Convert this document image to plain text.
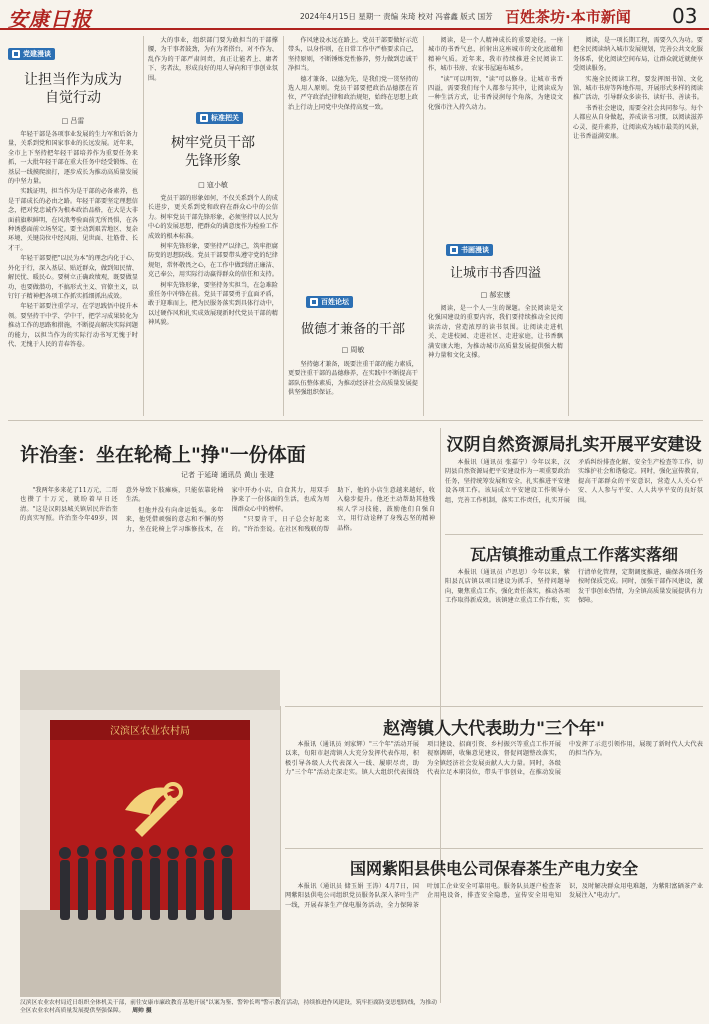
安康日报	2024年4月15日 星期一 责编 朱琦 校对 冯睿鑫 版式 国芳 百姓茶坊·本市新闻 03
党建漫谈
让担当作为成为
自觉行动
□ 吕雷

年轻干部是各项事业发展的生力军和后备力量，关系到党和国家事业的长远发展。近年来，全市上下坚持把年轻干部培养作为重要任务来抓，一大批年轻干部在重大任务中经受锻炼、在基层一线摸爬滚打，逐步成长为推动高质量发展的中坚力量。

实践证明，担当作为是干部的必备素养，也是干部成长的必由之路。年轻干部要坚定理想信念，把对党忠诚作为根本政治品格，在大是大非面前旗帜鲜明，在风浪考验面前无所畏惧，在各种诱惑面前立场坚定。要主动到艰苦地区、复杂环境、关键岗位中经风雨、见世面、壮筋骨、长才干。

年轻干部要把"以民为本"的理念内化于心、外化于行，深入基层、贴近群众，做到知民情、解民忧、暖民心。要树立正确政绩观，既要做显功，也要做潜功，不搞形式主义、官僚主义，以钉钉子精神把各项工作抓实抓细抓出成效。

年轻干部要注重学习，在学思践悟中提升本领。要坚持干中学、学中干，把学习成果转化为推动工作的思路和措施，不断提高解决实际问题的能力，以担当作为的实际行动书写无愧于时代、无愧于人民的青春答卷。

大的事业，组织部门要为敢担当的干部撑腰，为干事者鼓劲，为有为者搭台，对不作为、乱作为的干部严肃问责，真正让能者上、庸者下、劣者汰，形成良好的用人导向和干事创业氛围。

标准把关
树牢党员干部
先锋形象
□ 寇小敏

党员干部的形象如何，不仅关系到个人的成长进步，更关系到党和政府在群众心中的公信力。树牢党员干部先锋形象，必须坚持以人民为中心的发展思想，把群众的满意度作为检验工作成效的根本标准。

树牢先锋形象，要坚持严以律己，筑牢拒腐防变的思想防线。党员干部要带头遵守党的纪律规矩，常怀敬畏之心，在工作中做到清正廉洁、克己奉公，用实际行动赢得群众的信任和支持。

树牢先锋形象，要坚持务实担当，在急难险重任务中冲锋在前。党员干部要勇于直面矛盾，敢于迎难而上，把为民服务落实到具体行动中，以过硬作风和扎实成效展现新时代党员干部的精神风貌。

作风建设永远在路上。党员干部要做好示范带头，以身作则，在日常工作中严格要求自己，坚持原则，不断锤炼党性修养，努力做到忠诚干净担当。

德才兼备、以德为先，是我们党一贯坚持的选人用人原则。党员干部要把政治品德摆在首位，严守政治纪律和政治规矩，始终在思想上政治上行动上同党中央保持高度一致。

百姓论坛
做德才兼备的干部
□ 周敏

坚持德才兼备，既要注重干部的能力素质，更要注重干部的品德修养，在实践中不断提高干部队伍整体素质，为推动经济社会高质量发展提供坚强组织保证。

阅读，是一个人精神成长的重要途径。一座城市的书香气息，折射出这座城市的文化底蕴和精神气质。近年来，我市持续推进全民阅读工作，城市书房、农家书屋遍布城乡。

"读"可以明智，"读"可以修身。让城市书香四溢，需要我们每个人都参与其中，让阅读成为一种生活方式，让书香浸润每个角落，为建设文化强市注入持久动力。

书画漫谈
让城市书香四溢
□ 郝宏康

阅读，是一个人一生的课题。全民阅读是文化强国建设的重要内容，我们要持续推动全民阅读活动，营造浓厚的读书氛围。让阅读走进机关、走进校园、走进社区、走进家庭，让书香飘满安康大地，为推动城市高质量发展提供强大精神力量和文化支撑。

阅读，是一项长期工程，需要久久为功。要把全民阅读纳入城市发展规划，完善公共文化服务体系，优化阅读空间布局，让群众就近就便享受阅读服务。

实施全民阅读工程，要发挥图书馆、文化馆、城市书房等阵地作用，开展形式多样的阅读推广活动，引导群众多读书、读好书、善读书。

书香社会建设，需要全社会共同参与。每个人都应从自身做起，养成读书习惯，以阅读滋养心灵、提升素养，让阅读成为城市最美的风景，让书香溢满安康。

汉阴自然资源局扎实开展平安建设

本报讯（通讯员 张嘉宁）今年以来，汉阴县自然资源局把平安建设作为一项重要政治任务，坚持统筹发展和安全，扎实推进平安建设各项工作。该局成立平安建设工作领导小组，完善工作机制，落实工作责任，扎实开展矛盾纠纷排查化解、安全生产检查等工作，切实维护社会和谐稳定。同时，强化宣传教育，提高干部群众的平安意识，营造人人关心平安、人人参与平安、人人共享平安的良好氛围。

许治奎：坐在轮椅上"挣"一份体面
记者 于延琦 通讯员 黄山 张建

"我两年多来花了11万元，二哥也攒了十万元，就盼着早日还清。"这是汉阴县城关镇居民许治奎的真实写照。许治奎今年49岁，因意外导致下肢瘫痪，只能依靠轮椅生活。

但他并没有向命运低头。多年来，他凭借顽强的意志和不懈的努力，坐在轮椅上学习维修技术，在家中开办小店，自食其力，用双手挣来了一份体面的生活，也成为周围群众心中的榜样。

"只要肯干，日子总会好起来的。"许治奎说。在社区和残联的帮助下，他的小店生意越来越好，收入稳步提升。他还主动帮助其他残疾人学习技能，鼓励他们自强自立，用行动诠释了身残志坚的精神品格。

瓦店镇推动重点工作落实落细

本报讯（通讯员 卢思思）今年以来，紫阳县瓦店镇以项目建设为抓手，坚持问题导向，聚焦重点工作，强化责任落实，推动各项工作取得新成效。该镇建立重点工作台账，实行清单化管理，定期调度推进，确保各项任务按时保质完成。同时，加强干部作风建设，激发干事创业热情，为全镇高质量发展提供有力保障。

赵湾镇人大代表助力"三个年"

本报讯（通讯员 刘家辉）"三个年"活动开展以来，旬阳市赵湾镇人大充分发挥代表作用，积极引导各级人大代表深入一线、履职尽责，助力"三个年"活动走深走实。镇人大组织代表围绕项目建设、招商引资、乡村振兴等重点工作开展视察调研，收集意见建议，督促问题整改落实，为全镇经济社会发展贡献人大力量。同时，各级代表立足本职岗位，带头干事创业，在推动发展中发挥了示范引领作用，展现了新时代人大代表的担当作为。

国网紫阳县供电公司保春茶生产电力安全

本报讯（通讯员 储玉娟 王涛）4月7日，国网紫阳县供电公司组织党员服务队深入茶叶生产一线，开展春茶生产保电服务活动，全力保障茶叶加工企业安全可靠用电。服务队员逐户检查茶企用电设备，排查安全隐患，宣传安全用电知识，及时解决群众用电难题，为紫阳富硒茶产业发展注入"电动力"。

汉滨区农业农村局
汉滨区农业农村局近日组织全体机关干部，前往安康市廉政教育基地开展"以案为鉴、警钟长鸣"警示教育活动，持续推进作风建设，筑牢拒腐防变思想防线，为推动全区农业农村高质量发展提供坚强保障。 周帅 摄
